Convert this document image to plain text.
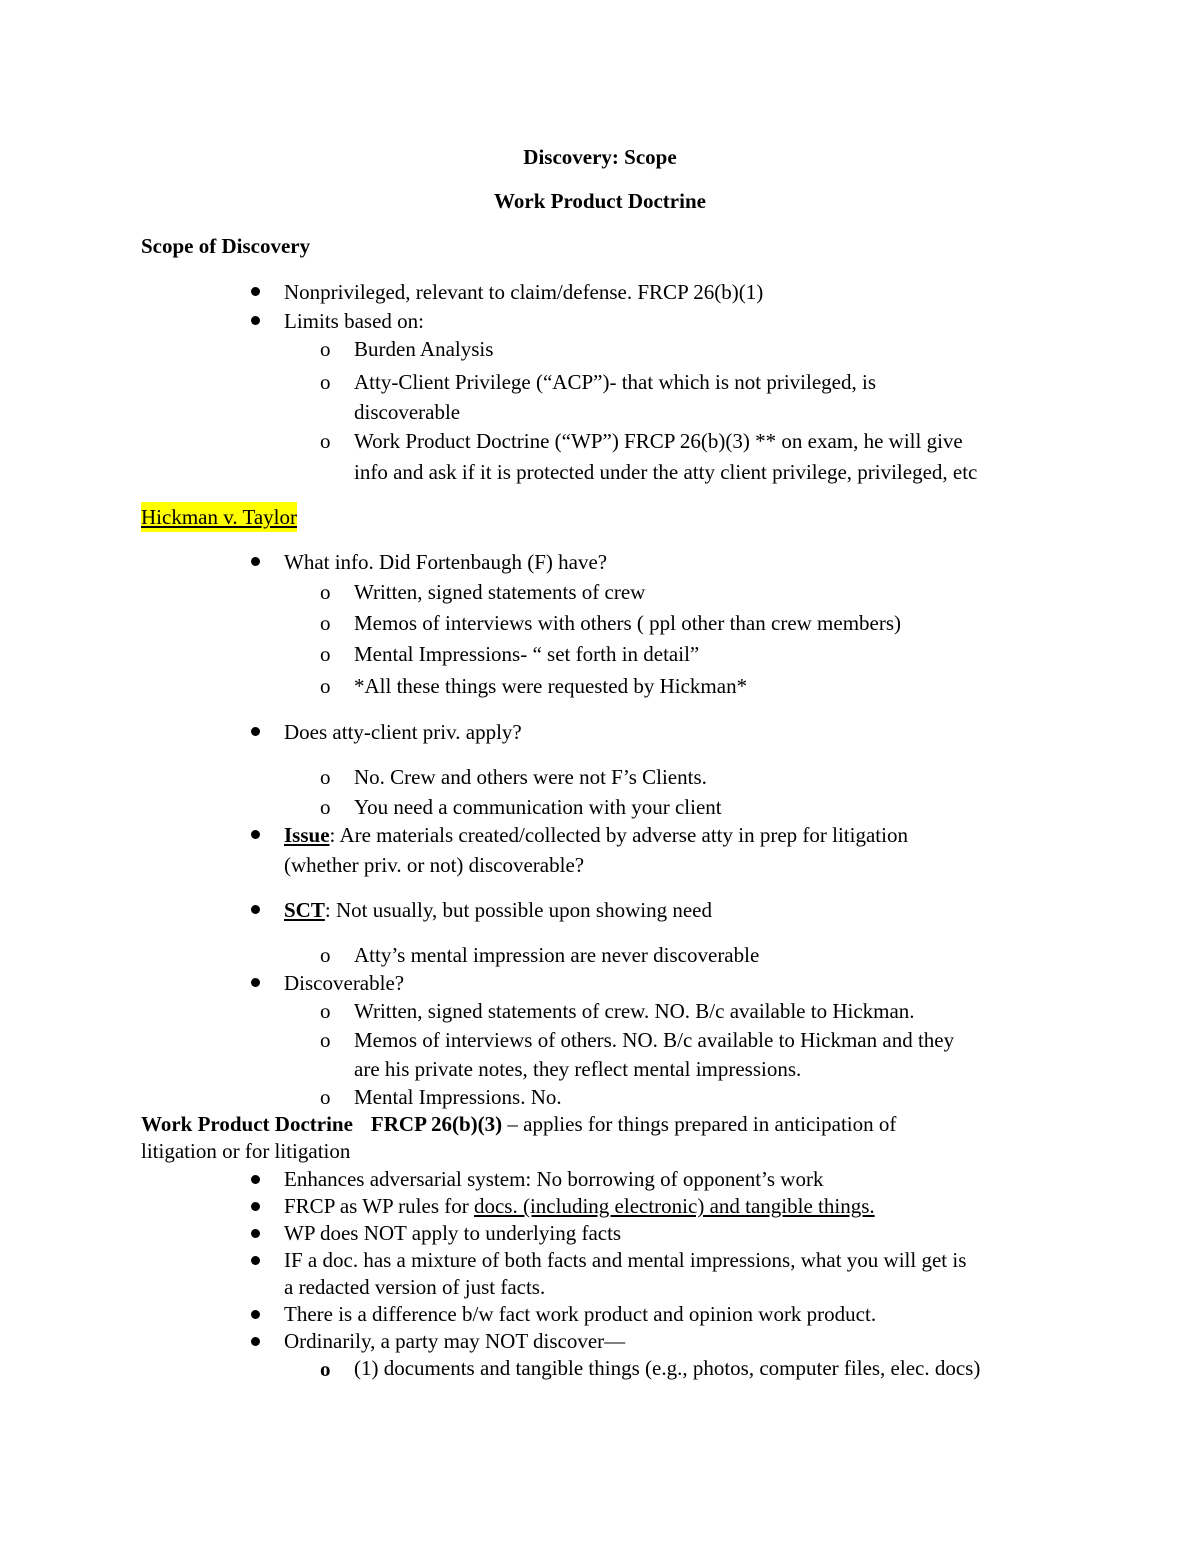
Discovery: Scope
Work Product Doctrine
Scope of Discovery
Nonprivileged, relevant to claim/defense. FRCP 26(b)(1)
Limits based on:
o Burden Analysis
o Atty-Client Privilege (“ACP”)- that which is not privileged, is
discoverable
o Work Product Doctrine (“WP”) FRCP 26(b)(3) ** on exam, he will give
info and ask if it is protected under the atty client privilege, privileged, etc
Hickman v. Taylor
What info. Did Fortenbaugh (F) have?
o Written, signed statements of crew
o Memos of interviews with others ( ppl other than crew members)
o Mental Impressions- “ set forth in detail”
o *All these things were requested by Hickman*
Does atty-client priv. apply?
o No. Crew and others were not F’s Clients.
o You need a communication with your client
Issue: Are materials created/collected by adverse atty in prep for litigation
(whether priv. or not) discoverable?
SCT: Not usually, but possible upon showing need
o Atty’s mental impression are never discoverable
Discoverable?
o Written, signed statements of crew. NO. B/c available to Hickman.
o Memos of interviews of others. NO. B/c available to Hickman and they
are his private notes, they reflect mental impressions.
o Mental Impressions. No.
Work Product Doctrine FRCP 26(b)(3) – applies for things prepared in anticipation of
litigation or for litigation
Enhances adversarial system: No borrowing of opponent’s work
FRCP as WP rules for docs. (including electronic) and tangible things.
WP does NOT apply to underlying facts
IF a doc. has a mixture of both facts and mental impressions, what you will get is
a redacted version of just facts.
There is a difference b/w fact work product and opinion work product.
Ordinarily, a party may NOT discover—
o (1) documents and tangible things (e.g., photos, computer files, elec. docs)
